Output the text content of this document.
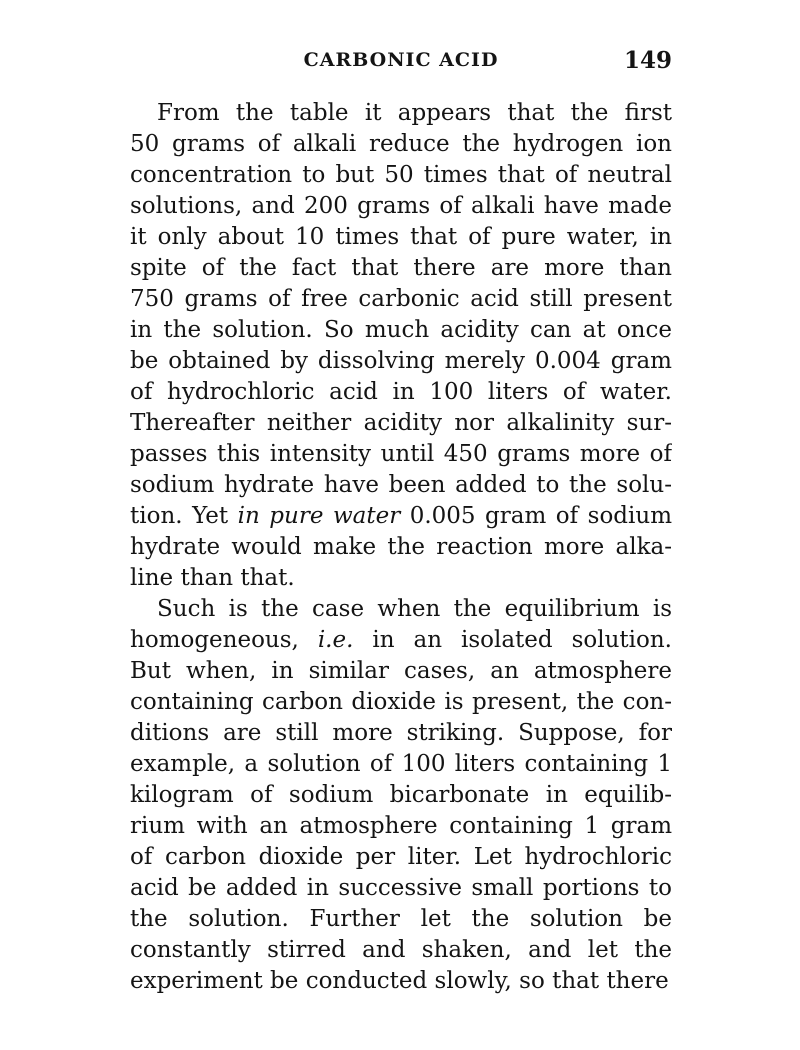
CARBONIC ACID	149
From the table it appears that the first
50 grams of alkali reduce the hydrogen ion
concentration to but 50 times that of neutral
solutions, and 200 grams of alkali have made
it only about 10 times that of pure water, in
spite of the fact that there are more than
750 grams of free carbonic acid still present
in the solution. So much acidity can at once
be obtained by dissolving merely 0.004 gram
of hydrochloric acid in 100 liters of water.
Thereafter neither acidity nor alkalinity sur-
passes this intensity until 450 grams more of
sodium hydrate have been added to the solu-
tion. Yet in pure water 0.005 gram of sodium
hydrate would make the reaction more alka-
line than that.
Such is the case when the equilibrium is
homogeneous, i.e. in an isolated solution.
But when, in similar cases, an atmosphere
containing carbon dioxide is present, the con-
ditions are still more striking. Suppose, for
example, a solution of 100 liters containing 1
kilogram of sodium bicarbonate in equilib-
rium with an atmosphere containing 1 gram
of carbon dioxide per liter. Let hydrochloric
acid be added in successive small portions to
the solution. Further let the solution be
constantly stirred and shaken, and let the
experiment be conducted slowly, so that there
